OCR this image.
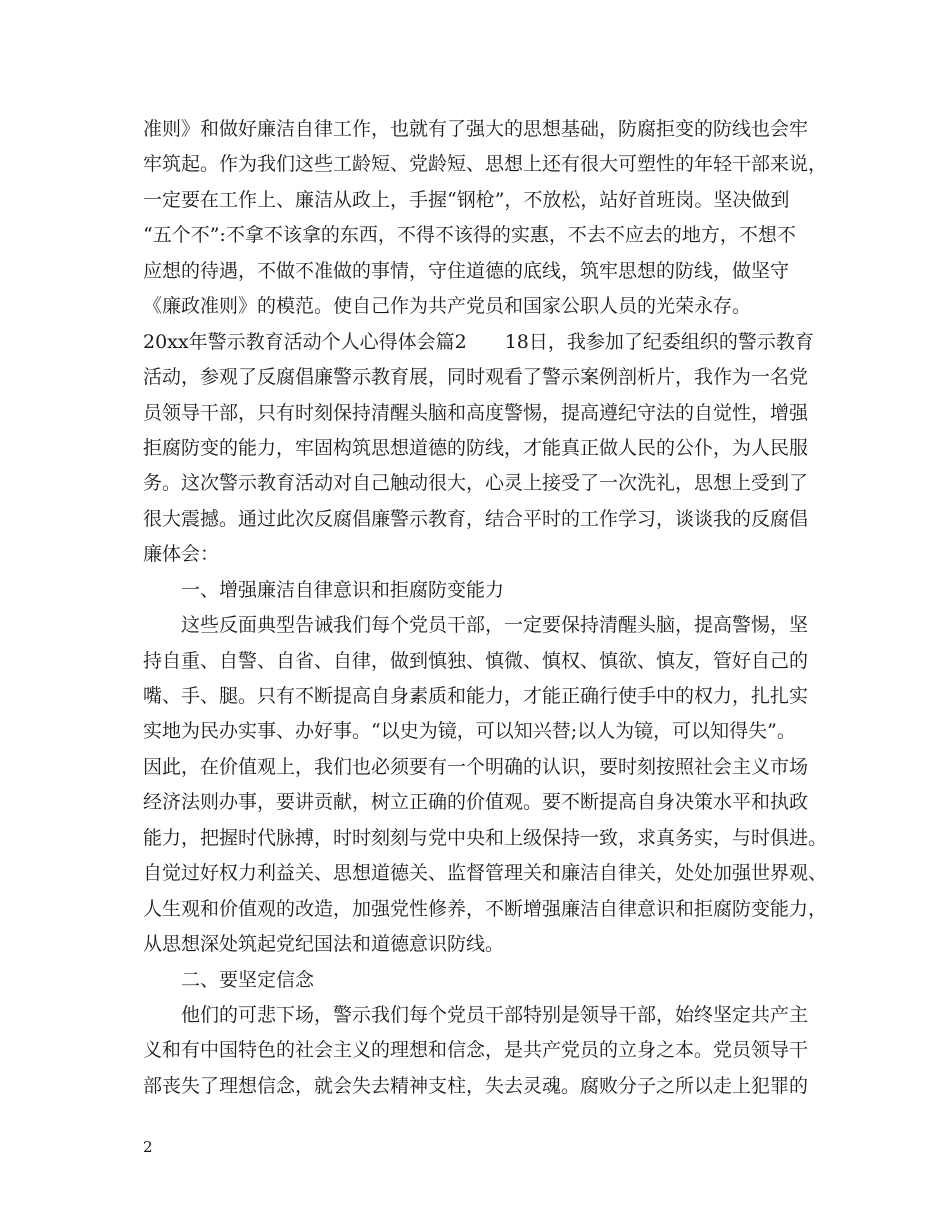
准则》和做好廉洁自律工作，也就有了强大的思想基础，防腐拒变的防线也会牢
牢筑起。作为我们这些工龄短、党龄短、思想上还有很大可塑性的年轻干部来说，
一定要在工作上、廉洁从政上，手握“钢枪”，不放松，站好首班岗。坚决做到
“五个不”:不拿不该拿的东西，不得不该得的实惠，不去不应去的地方，不想不
应想的待遇，不做不准做的事情，守住道德的底线，筑牢思想的防线，做坚守
《廉政准则》的模范。使自己作为共产党员和国家公职人员的光荣永存。
20xx年警示教育活动个人心得体会篇2　　18日，我参加了纪委组织的警示教育
活动，参观了反腐倡廉警示教育展，同时观看了警示案例剖析片，我作为一名党
员领导干部，只有时刻保持清醒头脑和高度警惕，提高遵纪守法的自觉性，增强
拒腐防变的能力，牢固构筑思想道德的防线，才能真正做人民的公仆，为人民服
务。这次警示教育活动对自己触动很大，心灵上接受了一次洗礼，思想上受到了
很大震撼。通过此次反腐倡廉警示教育，结合平时的工作学习，谈谈我的反腐倡
廉体会：
一、增强廉洁自律意识和拒腐防变能力
这些反面典型告诫我们每个党员干部，一定要保持清醒头脑，提高警惕，坚
持自重、自警、自省、自律，做到慎独、慎微、慎权、慎欲、慎友，管好自己的
嘴、手、腿。只有不断提高自身素质和能力，才能正确行使手中的权力，扎扎实
实地为民办实事、办好事。“以史为镜，可以知兴替;以人为镜，可以知得失”。
因此，在价值观上，我们也必须要有一个明确的认识，要时刻按照社会主义市场
经济法则办事，要讲贡献，树立正确的价值观。要不断提高自身决策水平和执政
能力，把握时代脉搏，时时刻刻与党中央和上级保持一致，求真务实，与时俱进。
自觉过好权力利益关、思想道德关、监督管理关和廉洁自律关，处处加强世界观、
人生观和价值观的改造，加强党性修养，不断增强廉洁自律意识和拒腐防变能力，
从思想深处筑起党纪国法和道德意识防线。
二、要坚定信念
他们的可悲下场，警示我们每个党员干部特别是领导干部，始终坚定共产主
义和有中国特色的社会主义的理想和信念，是共产党员的立身之本。党员领导干
部丧失了理想信念，就会失去精神支柱，失去灵魂。腐败分子之所以走上犯罪的
2
